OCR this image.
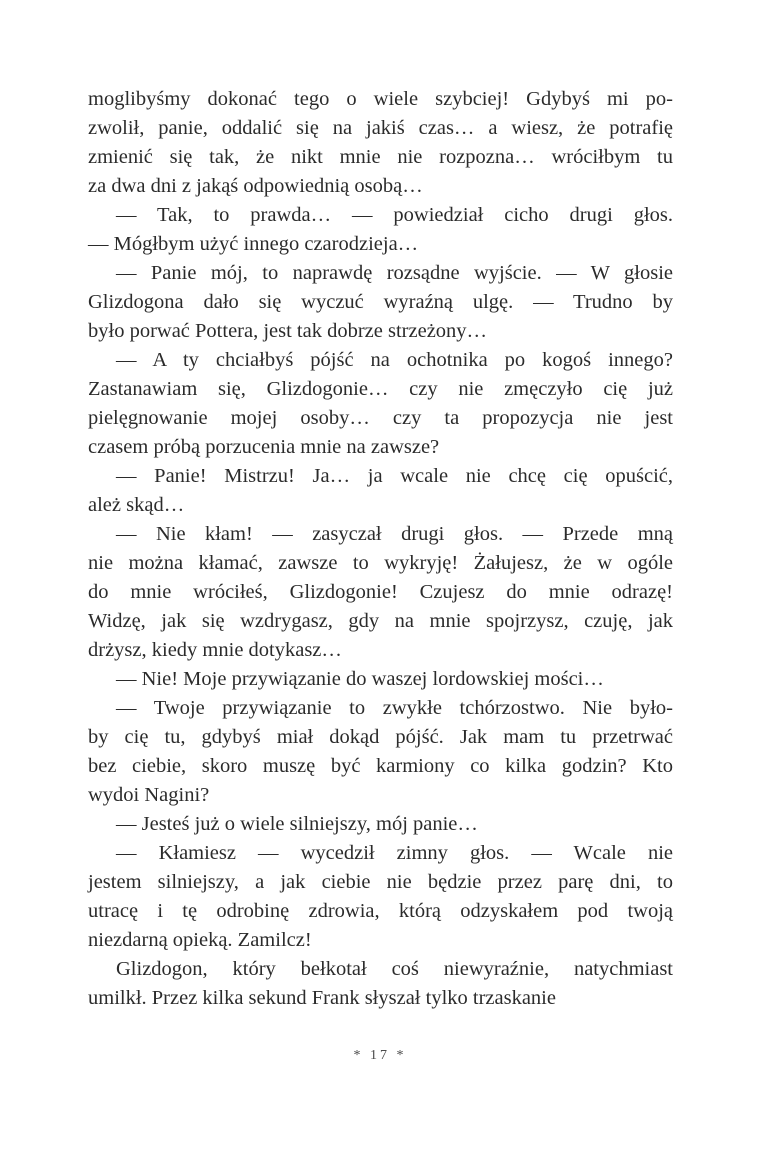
moglibyśmy dokonać tego o wiele szybciej! Gdybyś mi po-
zwolił, panie, oddalić się na jakiś czas… a wiesz, że potrafię
zmienić się tak, że nikt mnie nie rozpozna… wróciłbym tu
za dwa dni z jakąś odpowiednią osobą…
— Tak, to prawda… — powiedział cicho drugi głos.
— Mógłbym użyć innego czarodzieja…
— Panie mój, to naprawdę rozsądne wyjście. — W głosie
Glizdogona dało się wyczuć wyraźną ulgę. — Trudno by
było porwać Pottera, jest tak dobrze strzeżony…
— A ty chciałbyś pójść na ochotnika po kogoś innego?
Zastanawiam się, Glizdogonie… czy nie zmęczyło cię już
pielęgnowanie mojej osoby… czy ta propozycja nie jest
czasem próbą porzucenia mnie na zawsze?
— Panie! Mistrzu! Ja… ja wcale nie chcę cię opuścić,
ależ skąd…
— Nie kłam! — zasyczał drugi głos. — Przede mną
nie można kłamać, zawsze to wykryję! Żałujesz, że w ogóle
do mnie wróciłeś, Glizdogonie! Czujesz do mnie odrazę!
Widzę, jak się wzdrygasz, gdy na mnie spojrzysz, czuję, jak
drżysz, kiedy mnie dotykasz…
— Nie! Moje przywiązanie do waszej lordowskiej mości…
— Twoje przywiązanie to zwykłe tchórzostwo. Nie było-
by cię tu, gdybyś miał dokąd pójść. Jak mam tu przetrwać
bez ciebie, skoro muszę być karmiony co kilka godzin? Kto
wydoi Nagini?
— Jesteś już o wiele silniejszy, mój panie…
— Kłamiesz — wycedził zimny głos. — Wcale nie
jestem silniejszy, a jak ciebie nie będzie przez parę dni, to
utracę i tę odrobinę zdrowia, którą odzyskałem pod twoją
niezdarną opieką. Zamilcz!
Glizdogon, który bełkotał coś niewyraźnie, natychmiast
umilkł. Przez kilka sekund Frank słyszał tylko trzaskanie
* 17 *
